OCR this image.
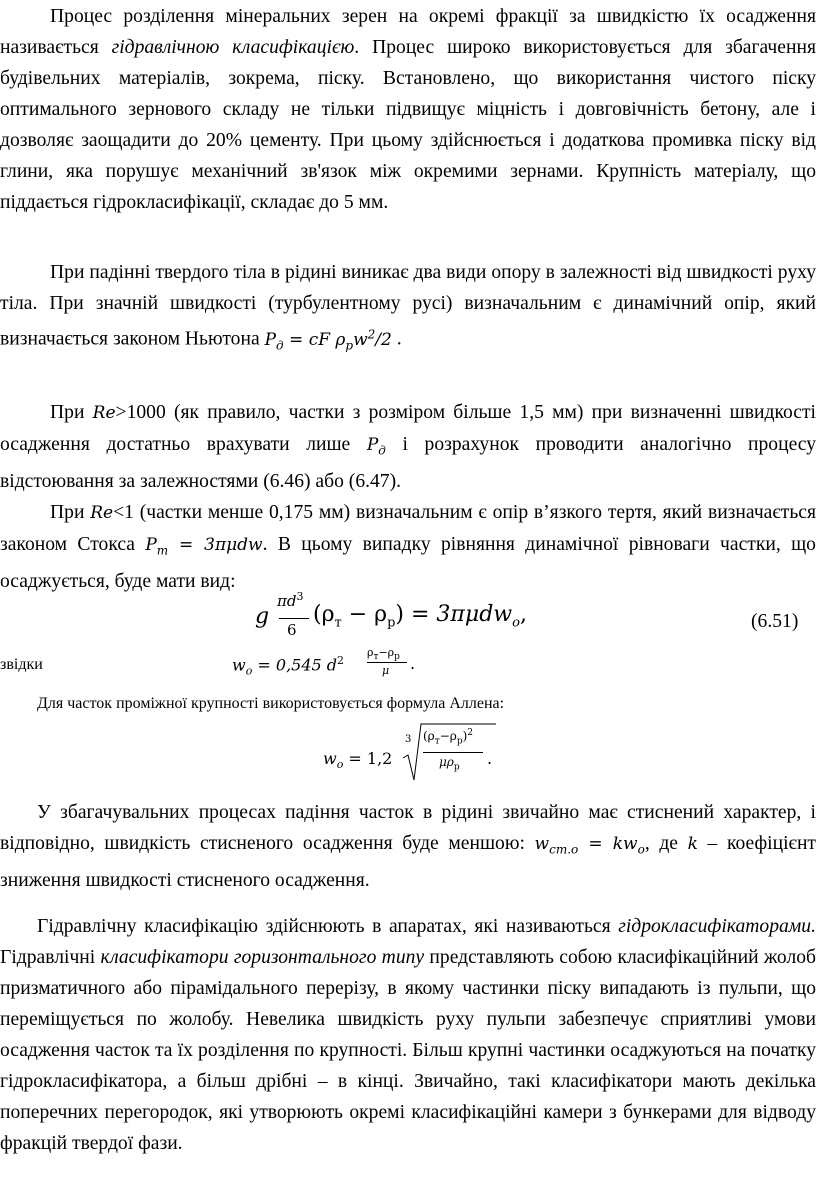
Процес розділення мінеральних зерен на окремі фракції за швидкістю їх осадження називається гідравлічною класифікацією. Процес широко використовується для збагачення будівельних матеріалів, зокрема, піску. Встановлено, що використання чистого піску оптимального зернового складу не тільки підвищує міцність і довговічність бетону, але і дозволяє заощадити до 20% цементу. При цьому здійснюється і додаткова промивка піску від глини, яка порушує механічний зв'язок між окремими зернами. Крупність матеріалу, що піддається гідрокласифікації, складає до 5 мм.

При падінні твердого тіла в рідині виникає два види опору в залежності від швидкості руху тіла. При значній швидкості (турбулентному русі) визначальним є динамічний опір, який визначається законом Ньютона $P_д$ = cF $\rho_рw^2/2$ .

При Re>1000 (як правило, частки з розміром більше 1,5 мм) при визначенні швидкості осадження достатньо врахувати лише $P_д$ і розрахунок проводити аналогічно процесу відстоювання за залежностями (6.46) або (6.47).

При Re<1 (частки менше 0,175 мм) визначальним є опір в’язкого тертя, який визначається законом Стокса $P_т = 3\pi\mu dw$. В цьому випадку рівняння динамічної рівноваги частки, що осаджується, буде мати вид:

g
$\pi d^3$
6
$(\rho_т - \rho_р) = 3\pi\mu dw_o$,	(6.51)
звідки	$w_o = 0,545$ $d^2$
$\rho_т-\rho_р$
μ .
Для часток проміжної крупності використовується формула Аллена:
$w_o = 1,2$
3 $(\rho_т-\rho_р)^2$
$\mu\rho_р$ .

У збагачувальних процесах падіння часток в рідині звичайно має стиснений характер, і відповідно, швидкість стисненого осадження буде меншою: $w_{ст.o} = kw_o$, де k – коефіцієнт зниження швидкості стисненого осадження.

Гідравлічну класифікацію здійснюють в апаратах, які називаються гідрокласифікаторами. Гідравлічні класифікатори горизонтального типу представляють собою класифікаційний жолоб призматичного або пірамідального перерізу, в якому частинки піску випадають із пульпи, що переміщується по жолобу. Невелика швидкість руху пульпи забезпечує сприятливі умови осадження часток та їх розділення по крупності. Більш крупні частинки осаджуються на початку гідрокласифікатора, а більш дрібні – в кінці. Звичайно, такі класифікатори мають декілька поперечних перегородок, які утворюють окремі класифікаційні камери з бункерами для відводу фракцій твердої фази.
